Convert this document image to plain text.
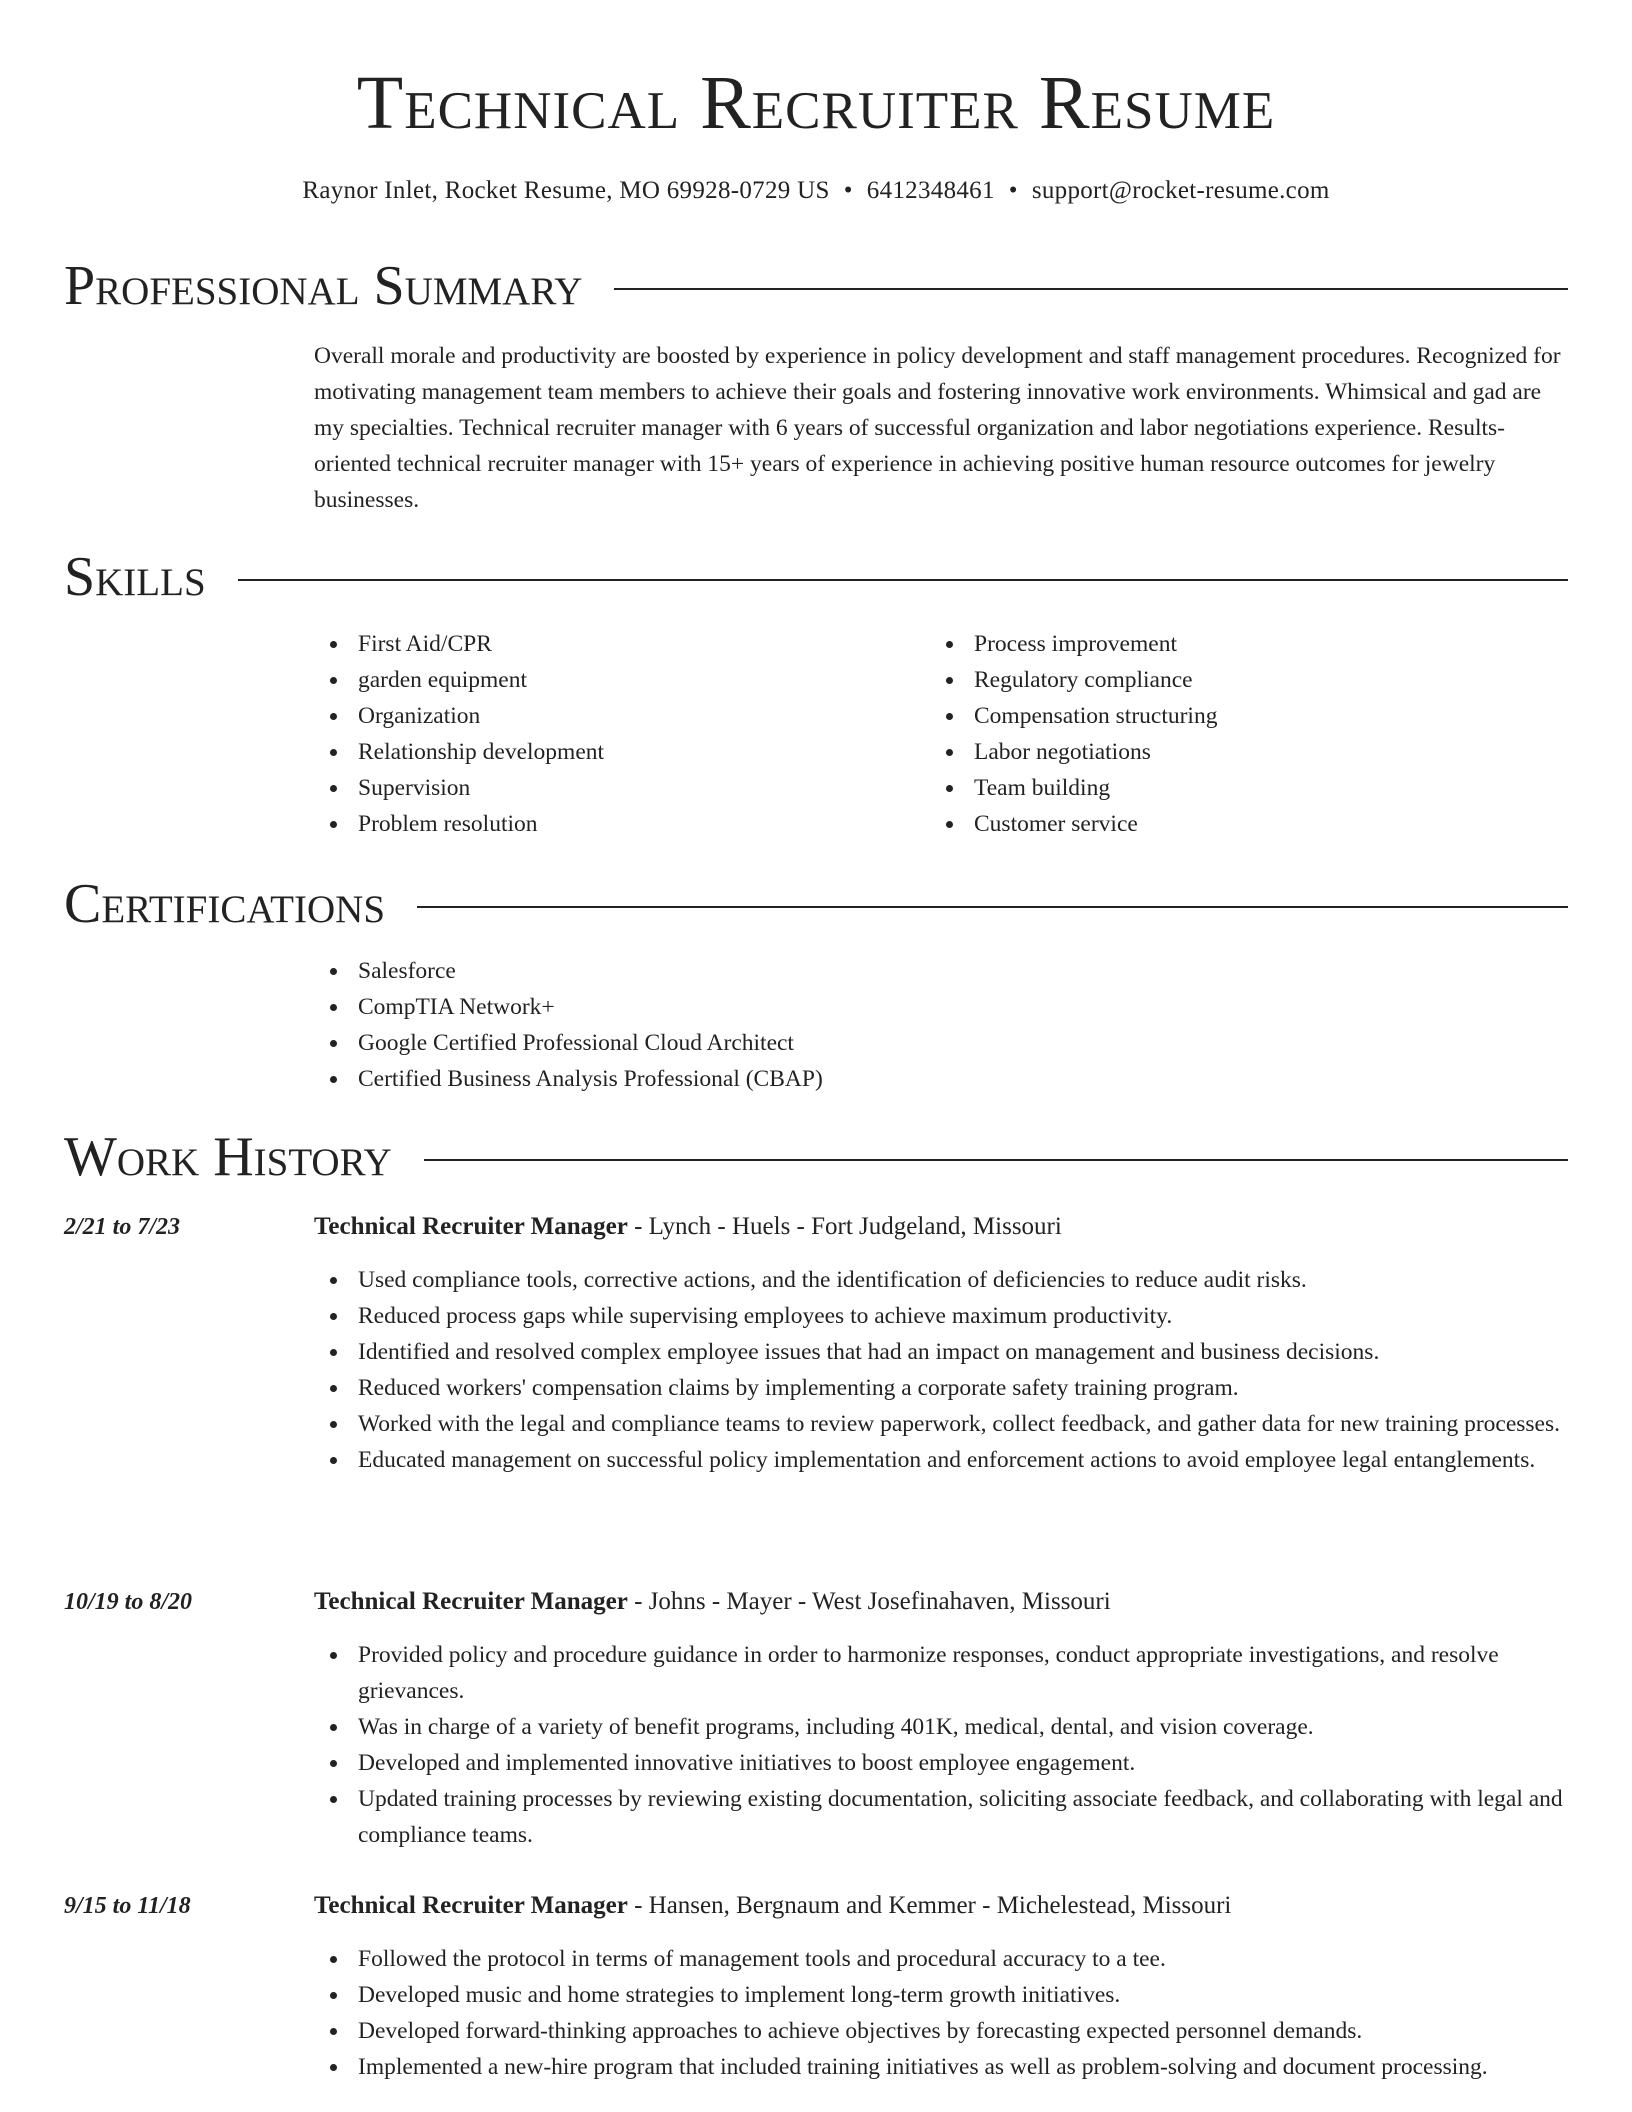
Technical Recruiter Resume
Raynor Inlet, Rocket Resume, MO 69928-0729 US • 6412348461 • support@rocket-resume.com
Professional Summary

Overall morale and productivity are boosted by experience in policy development and staff management procedures. Recognized for motivating management team members to achieve their goals and fostering innovative work environments. Whimsical and gad are my specialties. Technical recruiter manager with 6 years of successful organization and labor negotiations experience. Results-oriented technical recruiter manager with 15+ years of experience in achieving positive human resource outcomes for jewelry businesses.

Skills
First Aid/CPR
garden equipment
Organization
Relationship development
Supervision
Problem resolution
Process improvement
Regulatory compliance
Compensation structuring
Labor negotiations
Team building
Customer service
Certifications
Salesforce
CompTIA Network+
Google Certified Professional Cloud Architect
Certified Business Analysis Professional (CBAP)
Work History
2/21 to 7/23	Technical Recruiter Manager - Lynch - Huels - Fort Judgeland, Missouri
Used compliance tools, corrective actions, and the identification of deficiencies to reduce audit risks.
Reduced process gaps while supervising employees to achieve maximum productivity.
Identified and resolved complex employee issues that had an impact on management and business decisions.
Reduced workers' compensation claims by implementing a corporate safety training program.
Worked with the legal and compliance teams to review paperwork, collect feedback, and gather data for new training processes.
Educated management on successful policy implementation and enforcement actions to avoid employee legal entanglements.
10/19 to 8/20	Technical Recruiter Manager - Johns - Mayer - West Josefinahaven, Missouri
Provided policy and procedure guidance in order to harmonize responses, conduct appropriate investigations, and resolve grievances.
Was in charge of a variety of benefit programs, including 401K, medical, dental, and vision coverage.
Developed and implemented innovative initiatives to boost employee engagement.
Updated training processes by reviewing existing documentation, soliciting associate feedback, and collaborating with legal and compliance teams.
9/15 to 11/18	Technical Recruiter Manager - Hansen, Bergnaum and Kemmer - Michelestead, Missouri
Followed the protocol in terms of management tools and procedural accuracy to a tee.
Developed music and home strategies to implement long-term growth initiatives.
Developed forward-thinking approaches to achieve objectives by forecasting expected personnel demands.
Implemented a new-hire program that included training initiatives as well as problem-solving and document processing.
